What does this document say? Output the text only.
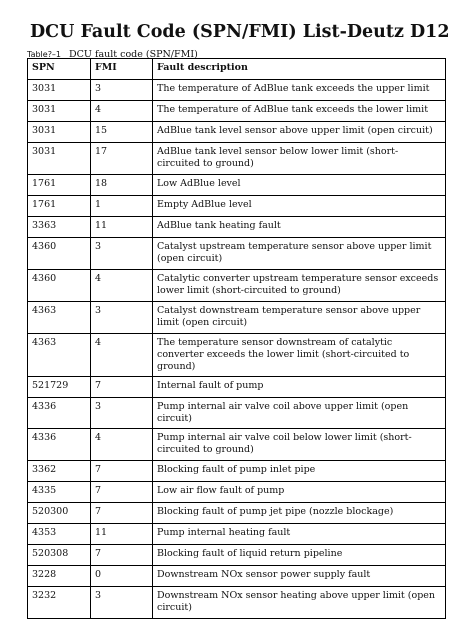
DCU Fault Code (SPN/FMI) List-Deutz D12
Table?–1 DCU fault code (SPN/FMI)
SPN	FMI	Fault description
3031	3	The temperature of AdBlue tank exceeds the upper limit
3031	4	The temperature of AdBlue tank exceeds the lower limit
3031	15	AdBlue tank level sensor above upper limit (open circuit)
3031	17	AdBlue tank level sensor below lower limit (short-circuited to ground)
1761	18	Low AdBlue level
1761	1	Empty AdBlue level
3363	11	AdBlue tank heating fault
4360	3	Catalyst upstream temperature sensor above upper limit (open circuit)
4360	4	Catalytic converter upstream temperature sensor exceeds lower limit (short-circuited to ground)
4363	3	Catalyst downstream temperature sensor above upper limit (open circuit)
4363	4	The temperature sensor downstream of catalytic converter exceeds the lower limit (short-circuited to ground)
521729	7	Internal fault of pump
4336	3	Pump internal air valve coil above upper limit (open circuit)
4336	4	Pump internal air valve coil below lower limit (short-circuited to ground)
3362	7	Blocking fault of pump inlet pipe
4335	7	Low air flow fault of pump
520300	7	Blocking fault of pump jet pipe (nozzle blockage)
4353	11	Pump internal heating fault
520308	7	Blocking fault of liquid return pipeline
3228	0	Downstream NOx sensor power supply fault
3232	3	Downstream NOx sensor heating above upper limit (open circuit)
